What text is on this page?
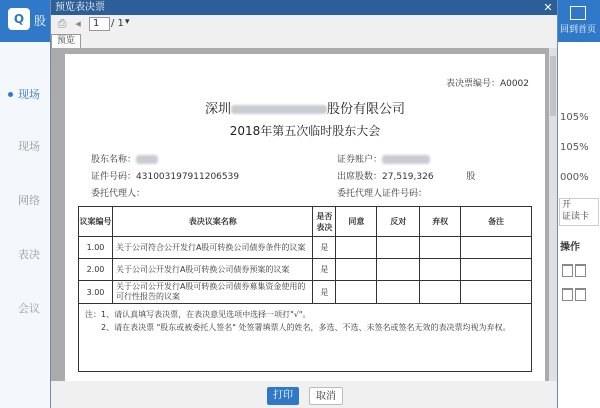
Q 股
回到首页
现场
现场
网络
表决
会议
105%
105%
000%
开
证读卡
操作
预览表决票	✕
⎙ ◂	1	/ 1 ▾
预览
表决票编号：A0002
深圳	股份有限公司
2018年第五次临时股东大会
股东名称：	证券账户：
证件号码：431003197911206539	出席股数：27,519,326	股
委托代理人：	委托代理人证件号码：
议案编号	表决议案名称	是否表决	同意	反对	弃权	备注
1.00	关于公司符合公开发行A股可转换公司债券条件的议案	是				
2.00	关于公司公开发行A股可转换公司债券预案的议案	是				
3.00	关于公司公开发行A股可转换公司债券募集资金使用的可行性报告的议案	是				
注：1、请认真填写表决票，在表决意见选项中选择一项打"√"。
2、请在表决票 "股东或被委托人签名" 处签署填票人的姓名，多选、不选、未签名或签名无效的表决票均视为弃权。
打印	取消
